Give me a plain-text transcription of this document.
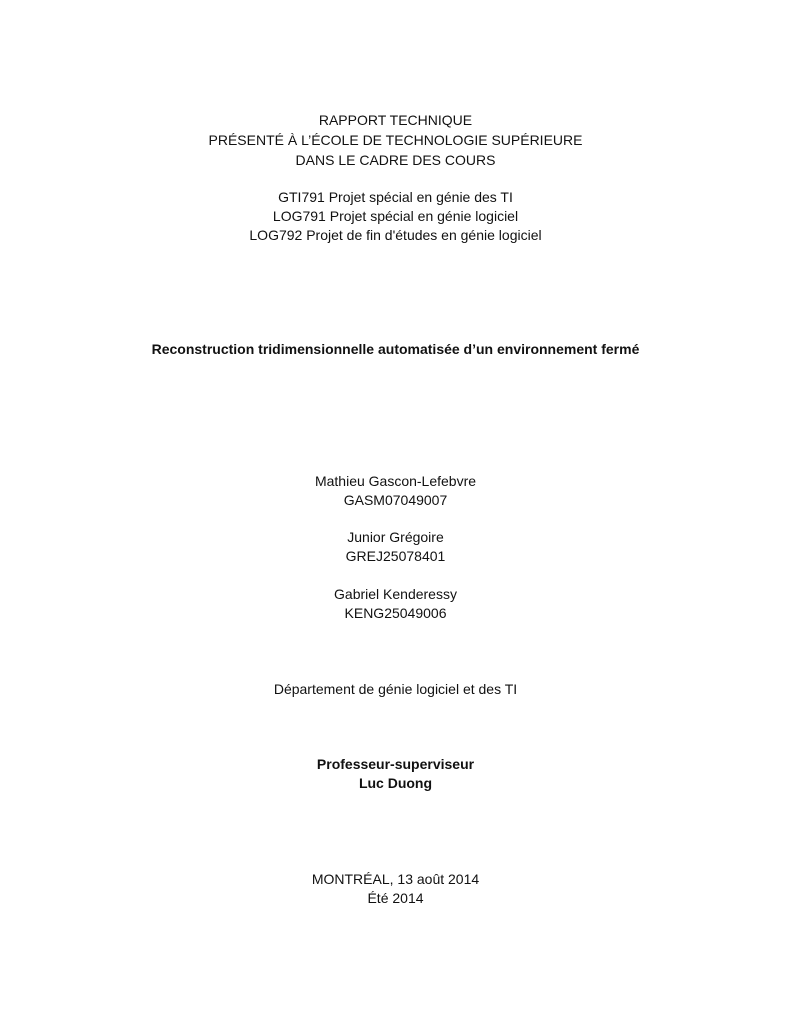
RAPPORT TECHNIQUE
PRÉSENTÉ À L’ÉCOLE DE TECHNOLOGIE SUPÉRIEURE
DANS LE CADRE DES COURS
GTI791 Projet spécial en génie des TI
LOG791 Projet spécial en génie logiciel
LOG792 Projet de fin d'études en génie logiciel
Reconstruction tridimensionnelle automatisée d’un environnement fermé
Mathieu Gascon-Lefebvre
GASM07049007
Junior Grégoire
GREJ25078401
Gabriel Kenderessy
KENG25049006
Département de génie logiciel et des TI
Professeur-superviseur
Luc Duong
MONTRÉAL, 13 août 2014
Été 2014
